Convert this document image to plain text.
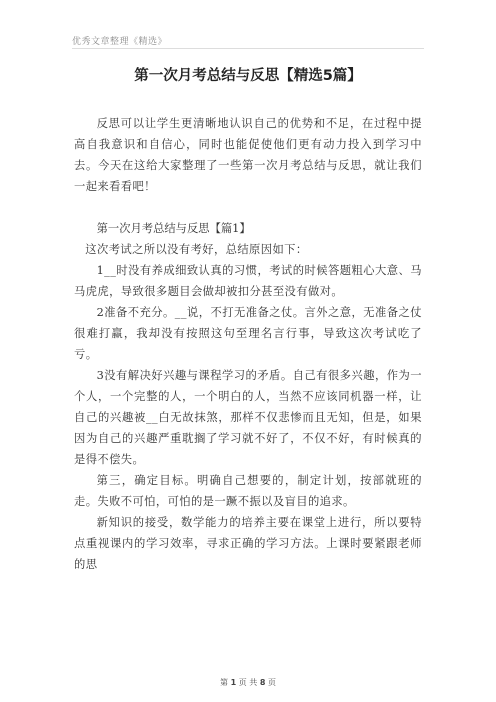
优秀文章整理《精选》
第一次月考总结与反思【精选5篇】

反思可以让学生更清晰地认识自己的优势和不足，在过程中提高自我意识和自信心，同时也能促使他们更有动力投入到学习中去。今天在这给大家整理了一些第一次月考总结与反思，就让我们一起来看看吧！

第一次月考总结与反思【篇1】

这次考试之所以没有考好，总结原因如下：

1__时没有养成细致认真的习惯，考试的时候答题粗心大意、马马虎虎，导致很多题目会做却被扣分甚至没有做对。

2准备不充分。__说，不打无准备之仗。言外之意，无准备之仗很难打赢，我却没有按照这句至理名言行事，导致这次考试吃了亏。

3没有解决好兴趣与课程学习的矛盾。自己有很多兴趣，作为一个人，一个完整的人，一个明白的人，当然不应该同机器一样，让自己的兴趣被__白无故抹煞，那样不仅悲惨而且无知，但是，如果因为自己的兴趣严重耽搁了学习就不好了，不仅不好，有时候真的是得不偿失。

第三，确定目标。明确自己想要的，制定计划，按部就班的走。失败不可怕，可怕的是一蹶不振以及盲目的追求。

新知识的接受，数学能力的培养主要在课堂上进行，所以要特点重视课内的学习效率，寻求正确的学习方法。上课时要紧跟老师的思

第 1 页 共 8 页
